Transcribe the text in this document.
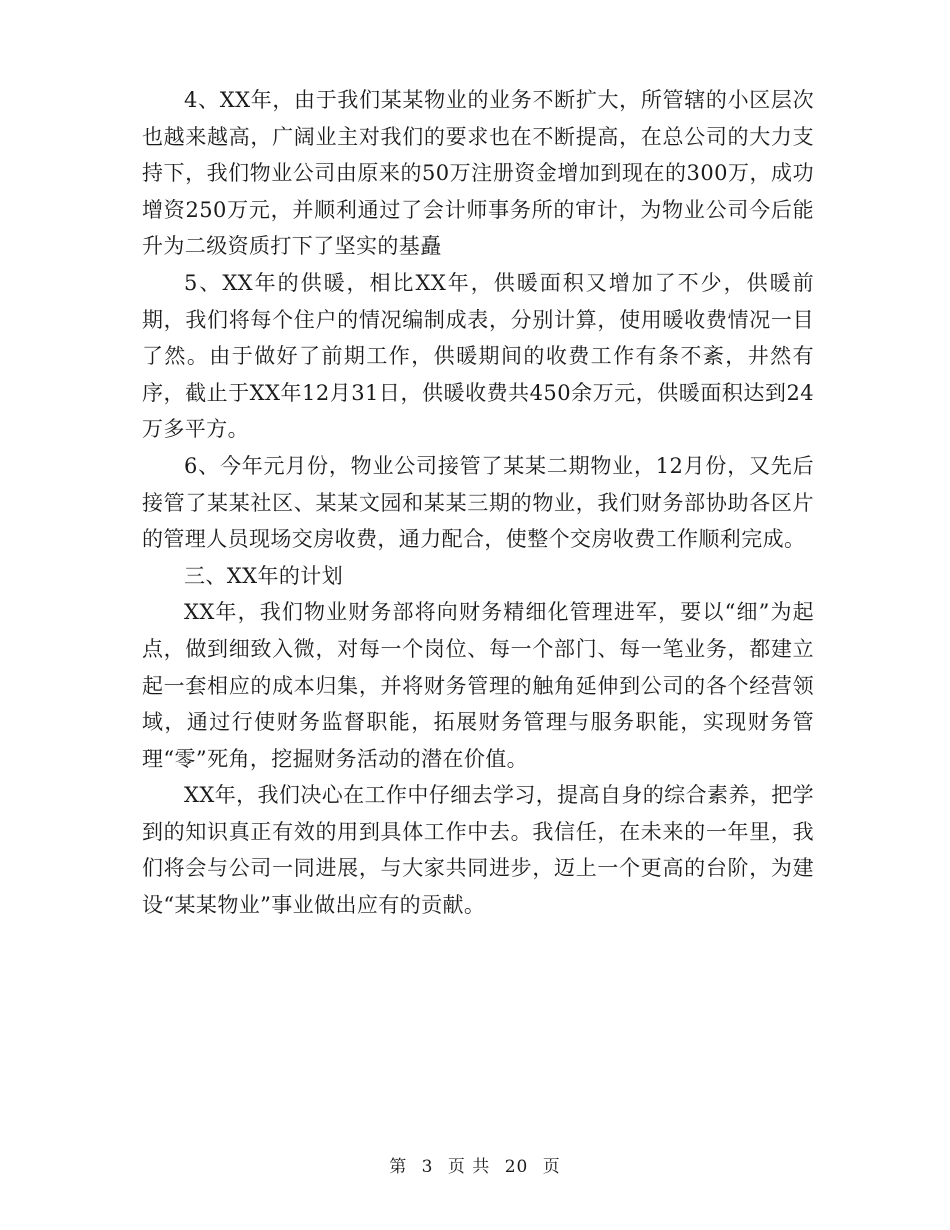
4、XX年，由于我们某某物业的业务不断扩大，所管辖的小区层次也越来越高，广阔业主对我们的要求也在不断提高，在总公司的大力支持下，我们物业公司由原来的50万注册资金增加到现在的300万，成功增资250万元，并顺利通过了会计师事务所的审计，为物业公司今后能升为二级资质打下了坚实的基矗

5、XX年的供暖，相比XX年，供暖面积又增加了不少，供暖前期，我们将每个住户的情况编制成表，分别计算，使用暖收费情况一目了然。由于做好了前期工作，供暖期间的收费工作有条不紊，井然有序，截止于XX年12月31日，供暖收费共450余万元，供暖面积达到24万多平方。

6、今年元月份，物业公司接管了某某二期物业，12月份，又先后接管了某某社区、某某文园和某某三期的物业，我们财务部协助各区片的管理人员现场交房收费，通力配合，使整个交房收费工作顺利完成。

三、XX年的计划

XX年，我们物业财务部将向财务精细化管理进军，要以“细”为起点，做到细致入微，对每一个岗位、每一个部门、每一笔业务，都建立起一套相应的成本归集，并将财务管理的触角延伸到公司的各个经营领域，通过行使财务监督职能，拓展财务管理与服务职能，实现财务管理“零”死角，挖掘财务活动的潜在价值。

XX年，我们决心在工作中仔细去学习，提高自身的综合素养，把学到的知识真正有效的用到具体工作中去。我信任，在未来的一年里，我们将会与公司一同进展，与大家共同进步，迈上一个更高的台阶，为建设“某某物业”事业做出应有的贡献。

第 3 页 共 20 页
